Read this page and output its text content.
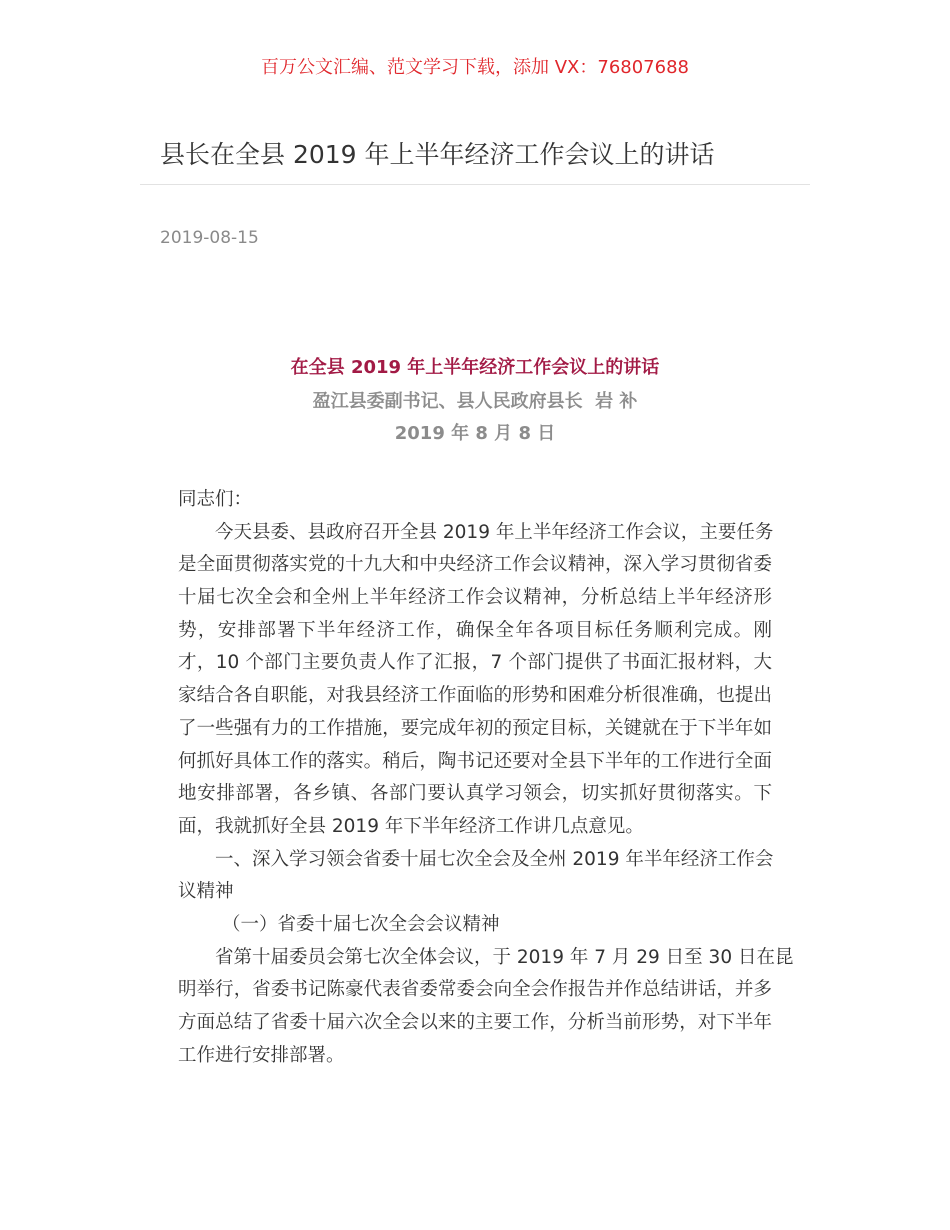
百万公文汇编、范文学习下载，添加 VX：76807688
县长在全县 2019 年上半年经济工作会议上的讲话
2019-08-15
在全县 2019 年上半年经济工作会议上的讲话
盈江县委副书记、县人民政府县长  岩 补
2019 年 8 月 8 日
同志们：
今天县委、县政府召开全县 2019 年上半年经济工作会议，主要任务
是全面贯彻落实党的十九大和中央经济工作会议精神，深入学习贯彻省委
十届七次全会和全州上半年经济工作会议精神，分析总结上半年经济形
势，安排部署下半年经济工作，确保全年各项目标任务顺利完成。刚
才，10 个部门主要负责人作了汇报，7 个部门提供了书面汇报材料，大
家结合各自职能，对我县经济工作面临的形势和困难分析很准确，也提出
了一些强有力的工作措施，要完成年初的预定目标，关键就在于下半年如
何抓好具体工作的落实。稍后，陶书记还要对全县下半年的工作进行全面
地安排部署，各乡镇、各部门要认真学习领会，切实抓好贯彻落实。下
面，我就抓好全县 2019 年下半年经济工作讲几点意见。
一、深入学习领会省委十届七次全会及全州 2019 年半年经济工作会
议精神
（一）省委十届七次全会会议精神
省第十届委员会第七次全体会议，于 2019 年 7 月 29 日至 30 日在昆
明举行，省委书记陈豪代表省委常委会向全会作报告并作总结讲话，并多
方面总结了省委十届六次全会以来的主要工作，分析当前形势，对下半年
工作进行安排部署。
